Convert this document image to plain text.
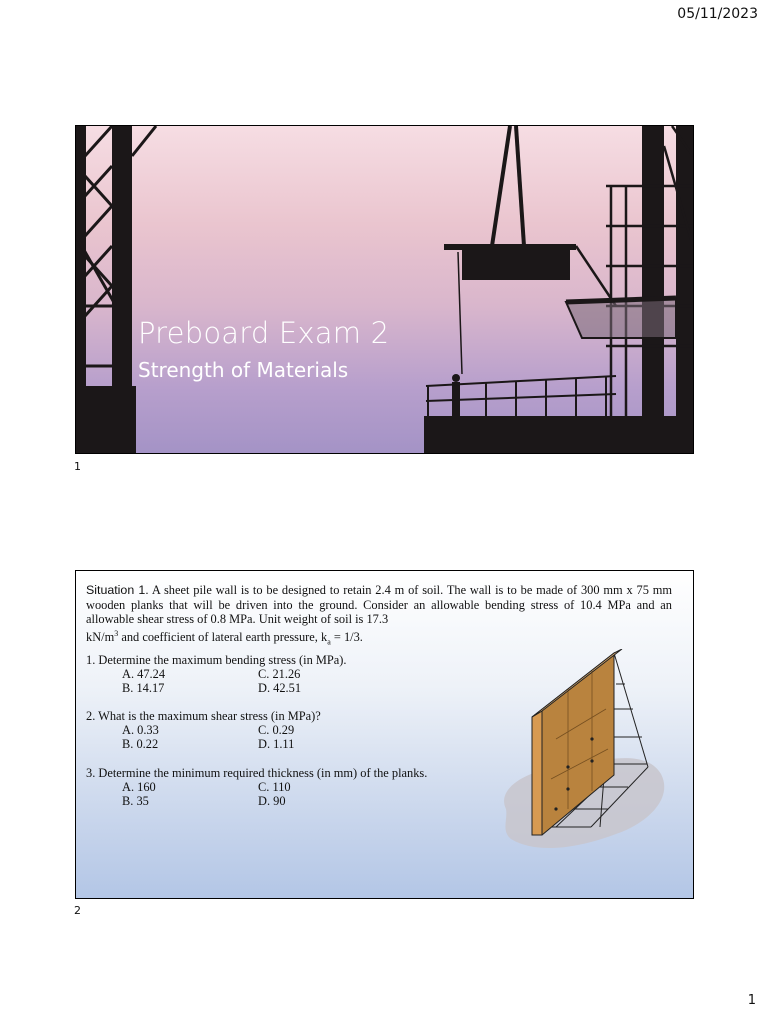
05/11/2023
Preboard Exam 2
Strength of Materials
1
Situation 1. A sheet pile wall is to be designed to retain 2.4 m of soil. The wall is to be made of 300 mm x 75 mm wooden planks that will be driven into the ground. Consider an allowable bending stress of 10.4 MPa and an allowable shear stress of 0.8 MPa. Unit weight of soil is 17.3
$kN/m^3$ and coefficient of lateral earth pressure, $k_a = 1/3$.
1. Determine the maximum bending stress (in MPa).
A. 47.24
B. 14.17
C. 21.26
D. 42.51
2. What is the maximum shear stress (in MPa)?
A. 0.33
B. 0.22
C. 0.29
D. 1.11
3. Determine the minimum required thickness (in mm) of the planks.
A. 160
B. 35
C. 110
D. 90
2
1
